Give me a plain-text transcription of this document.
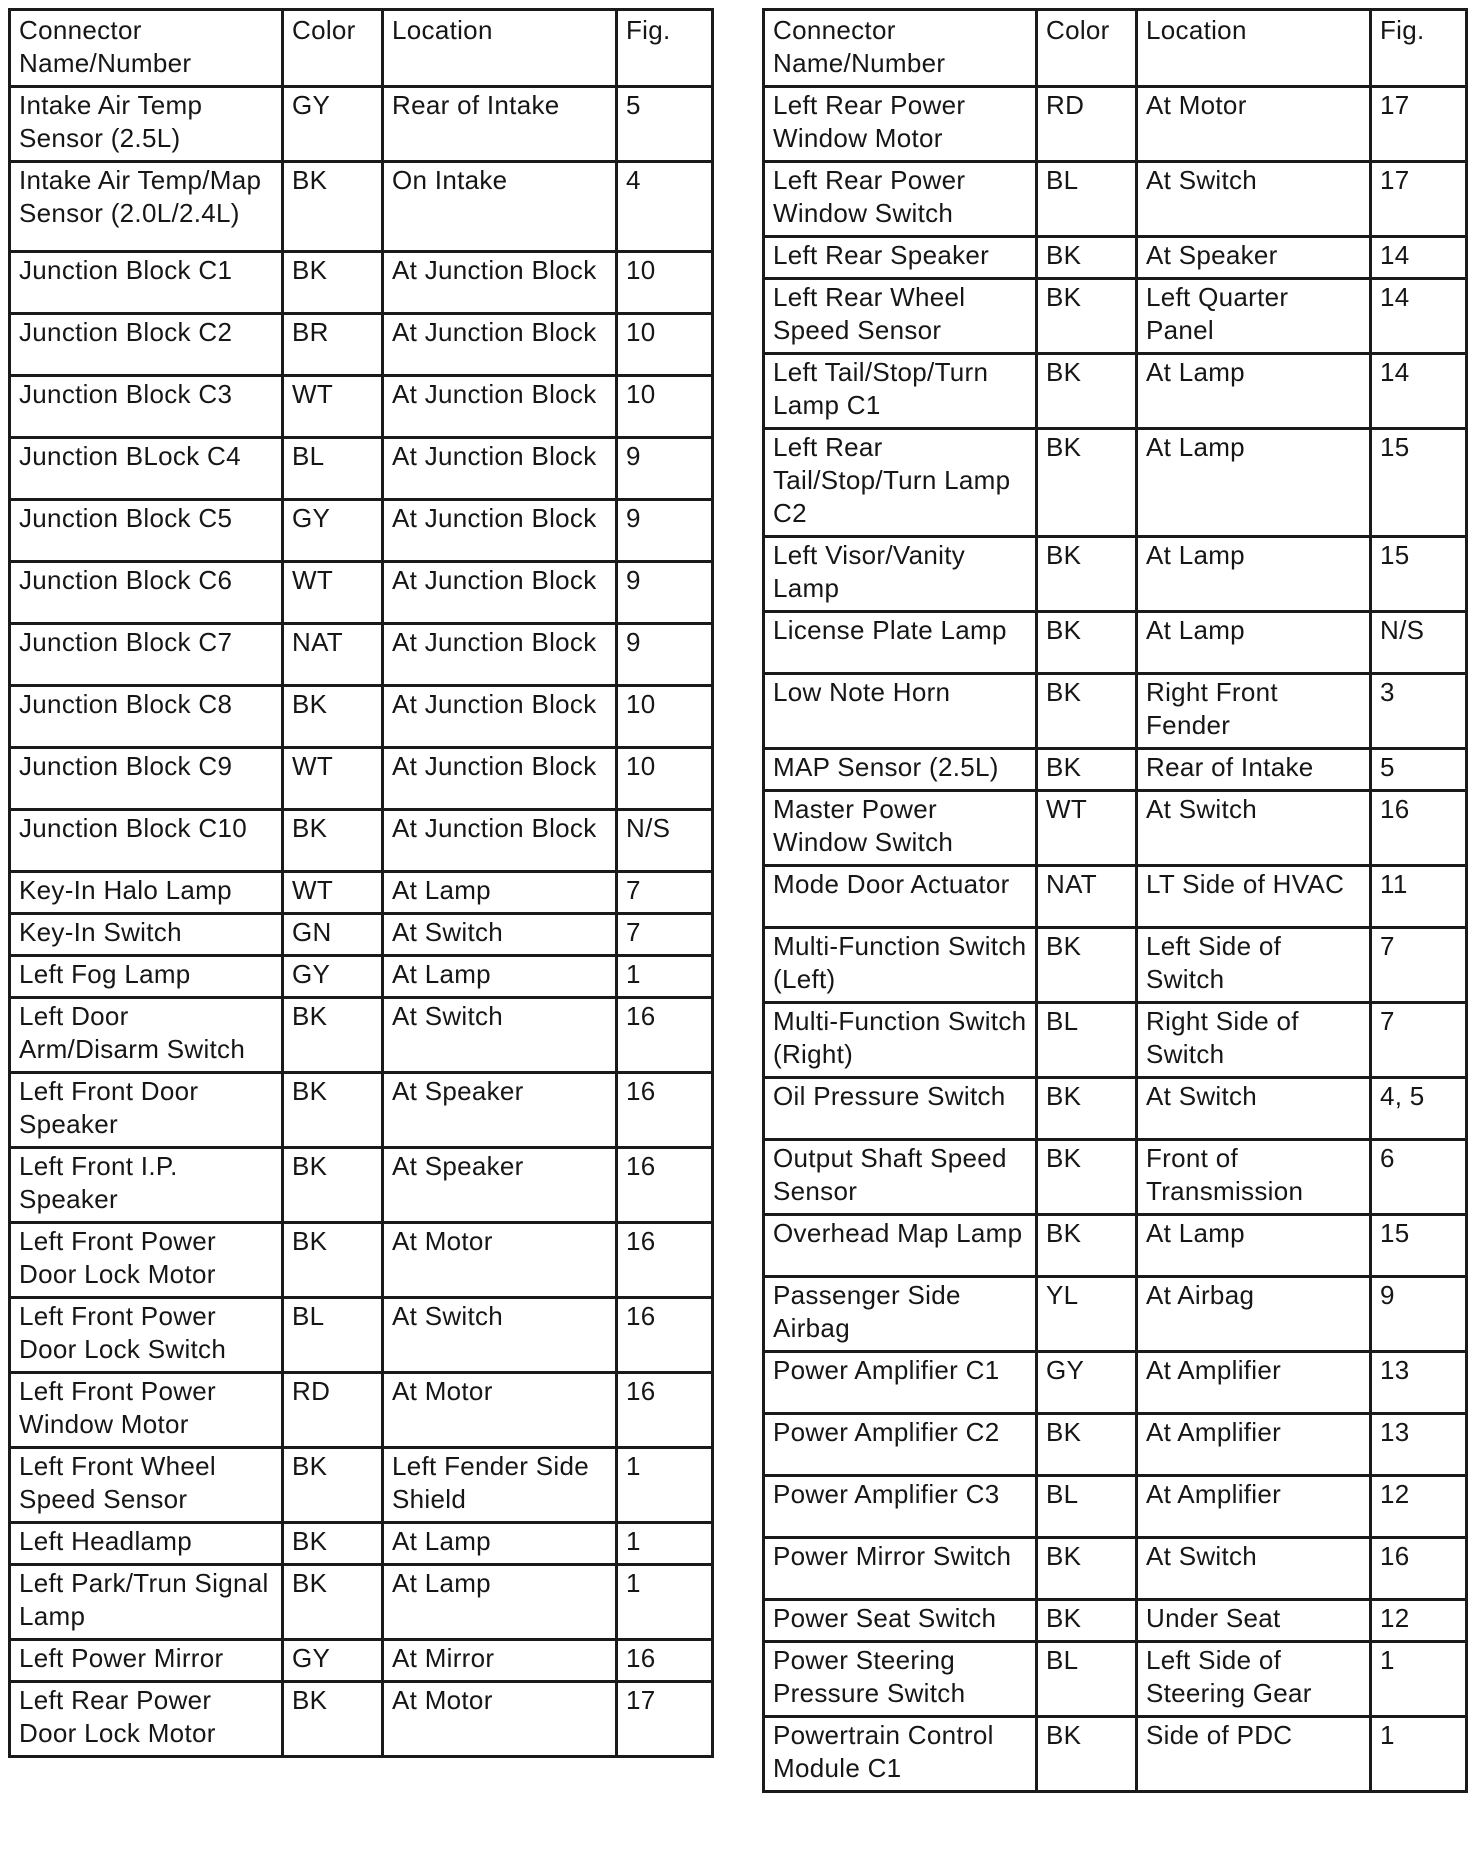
Connector Name/Number	Color	Location	Fig.
Intake Air Temp Sensor (2.5L)	GY	Rear of Intake	5
Intake Air Temp/Map Sensor (2.0L/2.4L)	BK	On Intake	4
Junction Block C1	BK	At Junction Block	10
Junction Block C2	BR	At Junction Block	10
Junction Block C3	WT	At Junction Block	10
Junction BLock C4	BL	At Junction Block	9
Junction Block C5	GY	At Junction Block	9
Junction Block C6	WT	At Junction Block	9
Junction Block C7	NAT	At Junction Block	9
Junction Block C8	BK	At Junction Block	10
Junction Block C9	WT	At Junction Block	10
Junction Block C10	BK	At Junction Block	N/S
Key-In Halo Lamp	WT	At Lamp	7
Key-In Switch	GN	At Switch	7
Left Fog Lamp	GY	At Lamp	1
Left Door Arm/Disarm Switch	BK	At Switch	16
Left Front Door Speaker	BK	At Speaker	16
Left Front I.P. Speaker	BK	At Speaker	16
Left Front Power Door Lock Motor	BK	At Motor	16
Left Front Power Door Lock Switch	BL	At Switch	16
Left Front Power Window Motor	RD	At Motor	16
Left Front Wheel Speed Sensor	BK	Left Fender Side Shield	1
Left Headlamp	BK	At Lamp	1
Left Park/Trun Signal Lamp	BK	At Lamp	1
Left Power Mirror	GY	At Mirror	16
Left Rear Power Door Lock Motor	BK	At Motor	17
Connector Name/Number	Color	Location	Fig.
Left Rear Power Window Motor	RD	At Motor	17
Left Rear Power Window Switch	BL	At Switch	17
Left Rear Speaker	BK	At Speaker	14
Left Rear Wheel Speed Sensor	BK	Left Quarter Panel	14
Left Tail/Stop/Turn Lamp C1	BK	At Lamp	14
Left Rear Tail/Stop/Turn Lamp C2	BK	At Lamp	15
Left Visor/Vanity Lamp	BK	At Lamp	15
License Plate Lamp	BK	At Lamp	N/S
Low Note Horn	BK	Right Front Fender	3
MAP Sensor (2.5L)	BK	Rear of Intake	5
Master Power Window Switch	WT	At Switch	16
Mode Door Actuator	NAT	LT Side of HVAC	11
Multi-Function Switch (Left)	BK	Left Side of Switch	7
Multi-Function Switch (Right)	BL	Right Side of Switch	7
Oil Pressure Switch	BK	At Switch	4, 5
Output Shaft Speed Sensor	BK	Front of Transmission	6
Overhead Map Lamp	BK	At Lamp	15
Passenger Side Airbag	YL	At Airbag	9
Power Amplifier C1	GY	At Amplifier	13
Power Amplifier C2	BK	At Amplifier	13
Power Amplifier C3	BL	At Amplifier	12
Power Mirror Switch	BK	At Switch	16
Power Seat Switch	BK	Under Seat	12
Power Steering Pressure Switch	BL	Left Side of Steering Gear	1
Powertrain Control Module C1	BK	Side of PDC	1
